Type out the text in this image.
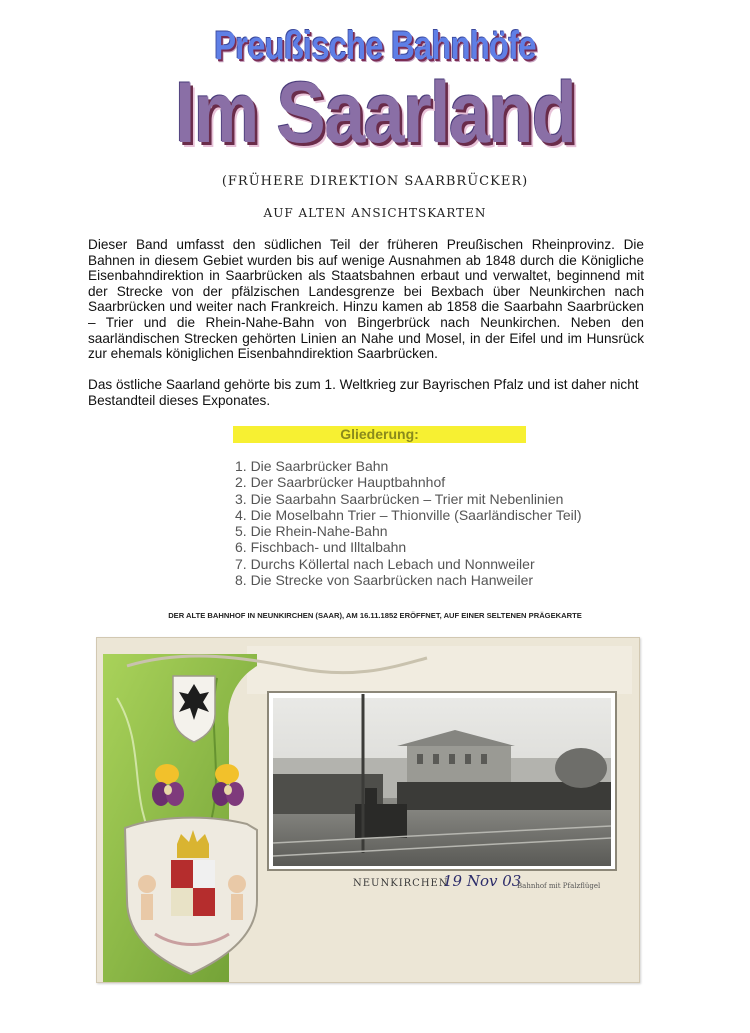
Preußische Bahnhöfe
Im Saarland
(FRÜHERE DIREKTION SAARBRÜCKER)
AUF ALTEN ANSICHTSKARTEN

Dieser Band umfasst den südlichen Teil der früheren Preußischen Rheinprovinz. Die Bahnen in diesem Gebiet wurden bis auf wenige Ausnahmen ab 1848 durch die Königliche Eisenbahndirektion in Saarbrücken als Staatsbahnen erbaut und verwaltet, beginnend mit der Strecke von der pfälzischen Landesgrenze bei Bexbach über Neunkirchen nach Saarbrücken und weiter nach Frankreich. Hinzu kamen ab 1858 die Saarbahn Saarbrücken – Trier und die Rhein-Nahe-Bahn von Bingerbrück nach Neunkirchen. Neben den saarländischen Strecken gehörten Linien an Nahe und Mosel, in der Eifel und im Hunsrück zur ehemals königlichen Eisenbahndirektion Saarbrücken.

Das östliche Saarland gehörte bis zum 1. Weltkrieg zur Bayrischen Pfalz und ist daher nicht Bestandteil dieses Exponates.

Gliederung:
1. Die Saarbrücker Bahn
2. Der Saarbrücker Hauptbahnhof
3. Die Saarbahn Saarbrücken – Trier mit Nebenlinien
4. Die Moselbahn Trier – Thionville (Saarländischer Teil)
5. Die Rhein-Nahe-Bahn
6. Fischbach- und Illtalbahn
7. Durchs Köllertal nach Lebach und Nonnweiler
8. Die Strecke von Saarbrücken nach Hanweiler
DER ALTE BAHNHOF IN NEUNKIRCHEN (SAAR), AM 16.11.1852 ERÖFFNET, AUF EINER SELTENEN PRÄGEKARTE
NEUNKIRCHEN
19 Nov 03
Bahnhof mit Pfalzflügel
